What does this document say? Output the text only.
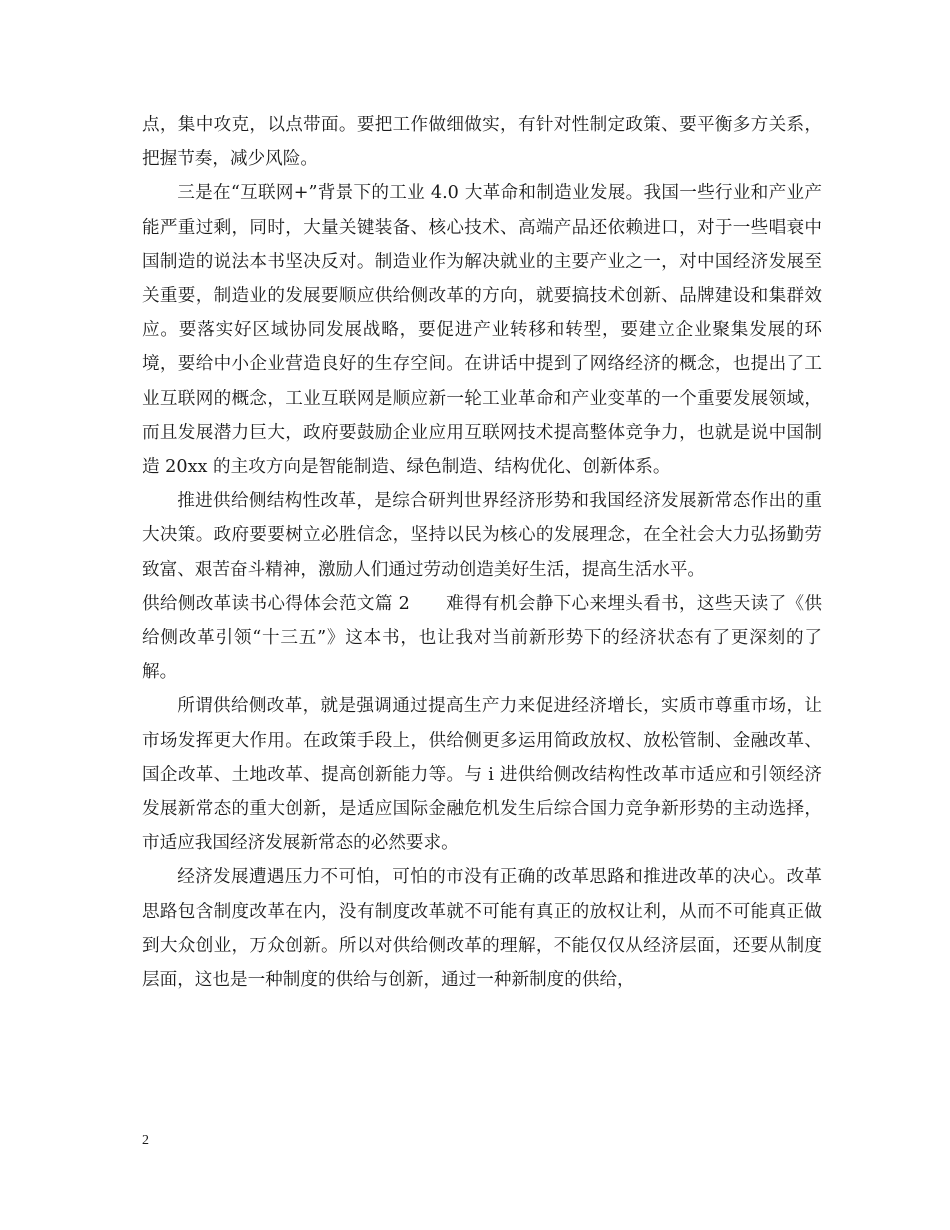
点，集中攻克，以点带面。要把工作做细做实，有针对性制定政策、要平衡多方关系，把握节奏，减少风险。

三是在“互联网+”背景下的工业 4.0 大革命和制造业发展。我国一些行业和产业产能严重过剩，同时，大量关键装备、核心技术、高端产品还依赖进口，对于一些唱衰中国制造的说法本书坚决反对。制造业作为解决就业的主要产业之一，对中国经济发展至关重要，制造业的发展要顺应供给侧改革的方向，就要搞技术创新、品牌建设和集群效应。要落实好区域协同发展战略，要促进产业转移和转型，要建立企业聚集发展的环境，要给中小企业营造良好的生存空间。在讲话中提到了网络经济的概念，也提出了工业互联网的概念，工业互联网是顺应新一轮工业革命和产业变革的一个重要发展领域，而且发展潜力巨大，政府要鼓励企业应用互联网技术提高整体竞争力，也就是说中国制造 20xx 的主攻方向是智能制造、绿色制造、结构优化、创新体系。

推进供给侧结构性改革，是综合研判世界经济形势和我国经济发展新常态作出的重大决策。政府要要树立必胜信念，坚持以民为核心的发展理念，在全社会大力弘扬勤劳致富、艰苦奋斗精神，激励人们通过劳动创造美好生活，提高生活水平。

供给侧改革读书心得体会范文篇 2 难得有机会静下心来埋头看书，这些天读了《供给侧改革引领“十三五”》这本书，也让我对当前新形势下的经济状态有了更深刻的了解。

所谓供给侧改革，就是强调通过提高生产力来促进经济增长，实质市尊重市场，让市场发挥更大作用。在政策手段上，供给侧更多运用简政放权、放松管制、金融改革、国企改革、土地改革、提高创新能力等。与 i 进供给侧改结构性改革市适应和引领经济发展新常态的重大创新，是适应国际金融危机发生后综合国力竞争新形势的主动选择，市适应我国经济发展新常态的必然要求。

经济发展遭遇压力不可怕，可怕的市没有正确的改革思路和推进改革的决心。改革思路包含制度改革在内，没有制度改革就不可能有真正的放权让利，从而不可能真正做到大众创业，万众创新。所以对供给侧改革的理解，不能仅仅从经济层面，还要从制度层面，这也是一种制度的供给与创新，通过一种新制度的供给，

2
